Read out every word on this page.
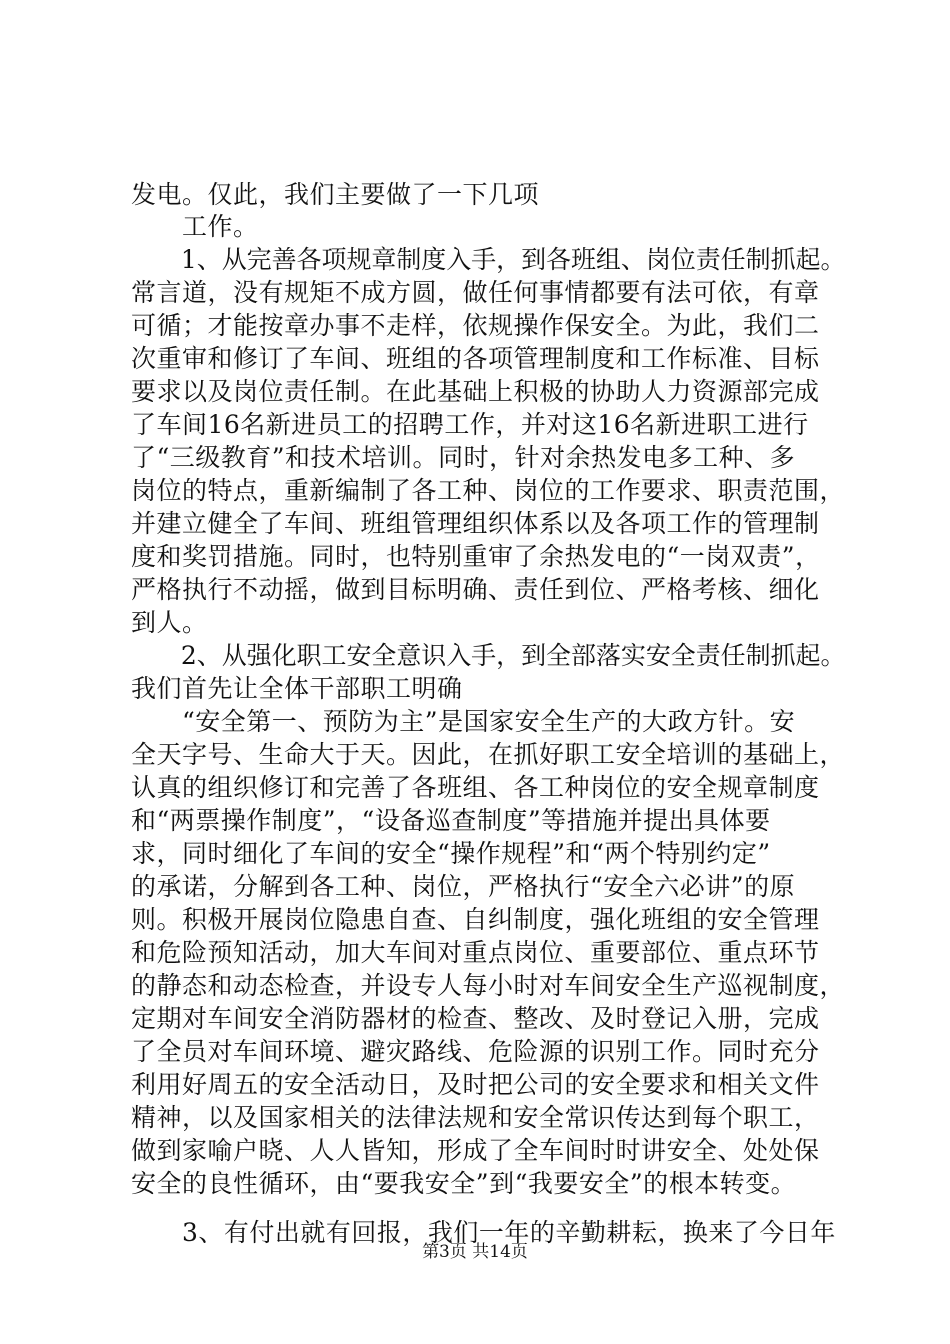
发电。仅此，我们主要做了一下几项
　　工作。
　　1、从完善各项规章制度入手，到各班组、岗位责任制抓起。
常言道，没有规矩不成方圆，做任何事情都要有法可依，有章
可循；才能按章办事不走样，依规操作保安全。为此，我们二
次重审和修订了车间、班组的各项管理制度和工作标准、目标
要求以及岗位责任制。在此基础上积极的协助人力资源部完成
了车间16名新进员工的招聘工作，并对这16名新进职工进行
了“三级教育”和技术培训。同时，针对余热发电多工种、多
岗位的特点，重新编制了各工种、岗位的工作要求、职责范围，
并建立健全了车间、班组管理组织体系以及各项工作的管理制
度和奖罚措施。同时，也特别重审了余热发电的“一岗双责”，
严格执行不动摇，做到目标明确、责任到位、严格考核、细化
到人。
　　2、从强化职工安全意识入手，到全部落实安全责任制抓起。
我们首先让全体干部职工明确
　　“安全第一、预防为主”是国家安全生产的大政方针。安
全天字号、生命大于天。因此，在抓好职工安全培训的基础上，
认真的组织修订和完善了各班组、各工种岗位的安全规章制度
和“两票操作制度”，“设备巡查制度”等措施并提出具体要
求，同时细化了车间的安全“操作规程”和“两个特别约定”
的承诺，分解到各工种、岗位，严格执行“安全六必讲”的原
则。积极开展岗位隐患自查、自纠制度，强化班组的安全管理
和危险预知活动，加大车间对重点岗位、重要部位、重点环节
的静态和动态检查，并设专人每小时对车间安全生产巡视制度，
定期对车间安全消防器材的检查、整改、及时登记入册，完成
了全员对车间环境、避灾路线、危险源的识别工作。同时充分
利用好周五的安全活动日，及时把公司的安全要求和相关文件
精神，以及国家相关的法律法规和安全常识传达到每个职工，
做到家喻户晓、人人皆知，形成了全车间时时讲安全、处处保
安全的良性循环，由“要我安全”到“我要安全”的根本转变。
　　3、有付出就有回报，我们一年的辛勤耕耘，换来了今日年
第3页 共14页
